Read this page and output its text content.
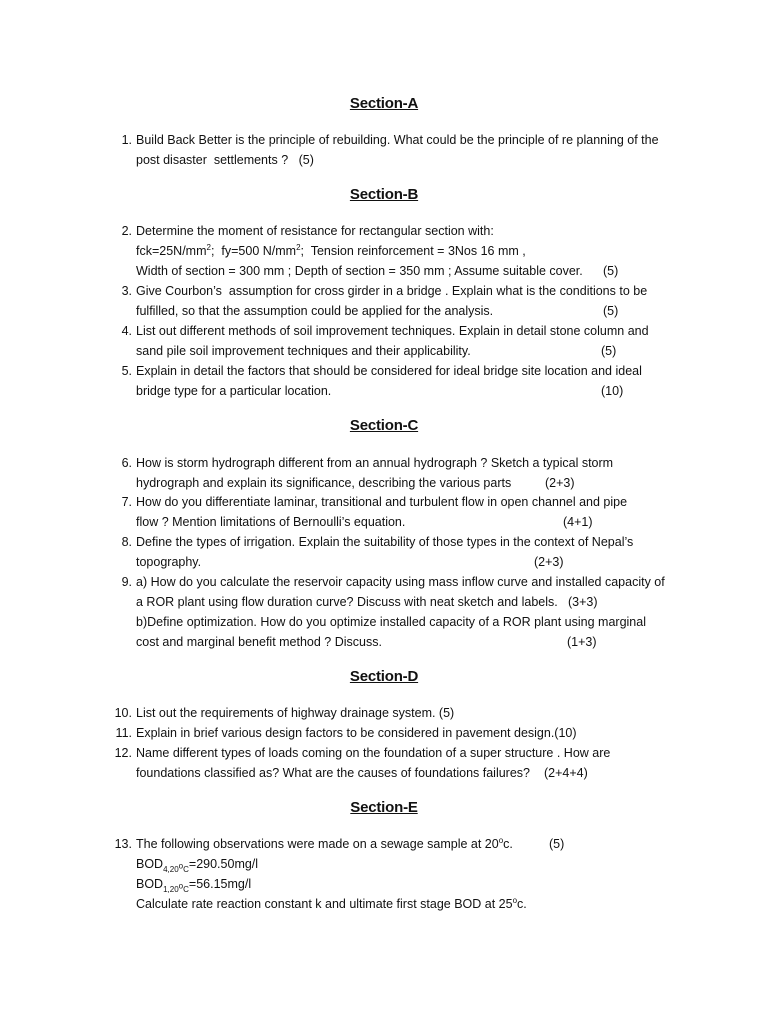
Section-A
1. Build Back Better is the principle of rebuilding. What could be the principle of re planning of the
post disaster  settlements ?   (5)
Section-B
2. Determine the moment of resistance for rectangular section with:
$fck=25N/mm^2$;  fy=500 $N/mm^2$;  Tension reinforcement = 3Nos 16 mm ,
Width of section = 300 mm ; Depth of section = 350 mm ; Assume suitable cover. (5)
3. Give Courbon’s  assumption for cross girder in a bridge . Explain what is the conditions to be
fulfilled, so that the assumption could be applied for the analysis.	(5)
4. List out different methods of soil improvement techniques. Explain in detail stone column and
sand pile soil improvement techniques and their applicability.	(5)
5. Explain in detail the factors that should be considered for ideal bridge site location and ideal
bridge type for a particular location.	(10)
Section-C
6. How is storm hydrograph different from an annual hydrograph ? Sketch a typical storm
hydrograph and explain its significance, describing the various parts	(2+3)
7. How do you differentiate laminar, transitional and turbulent flow in open channel and pipe
flow ? Mention limitations of Bernoulli’s equation.	(4+1)
8. Define the types of irrigation. Explain the suitability of those types in the context of Nepal’s
topography.	(2+3)
9. a) How do you calculate the reservoir capacity using mass inflow curve and installed capacity of
a ROR plant using flow duration curve? Discuss with neat sketch and labels. (3+3)
b)Define optimization. How do you optimize installed capacity of a ROR plant using marginal
cost and marginal benefit method ? Discuss.	(1+3)
Section-D
10. List out the requirements of highway drainage system. (5)
11. Explain in brief various design factors to be considered in pavement design.(10)
12. Name different types of loads coming on the foundation of a super structure . How are
foundations classified as? What are the causes of foundations failures? (2+4+4)
Section-E
13. The following observations were made on a sewage sample at 20$^o$c.	(5)
$BOD_{4,20^oC}=290.50mg/l$
$BOD_{1,20^oC}=56.15mg/l$
Calculate rate reaction constant k and ultimate first stage BOD at 25$^o$c.
